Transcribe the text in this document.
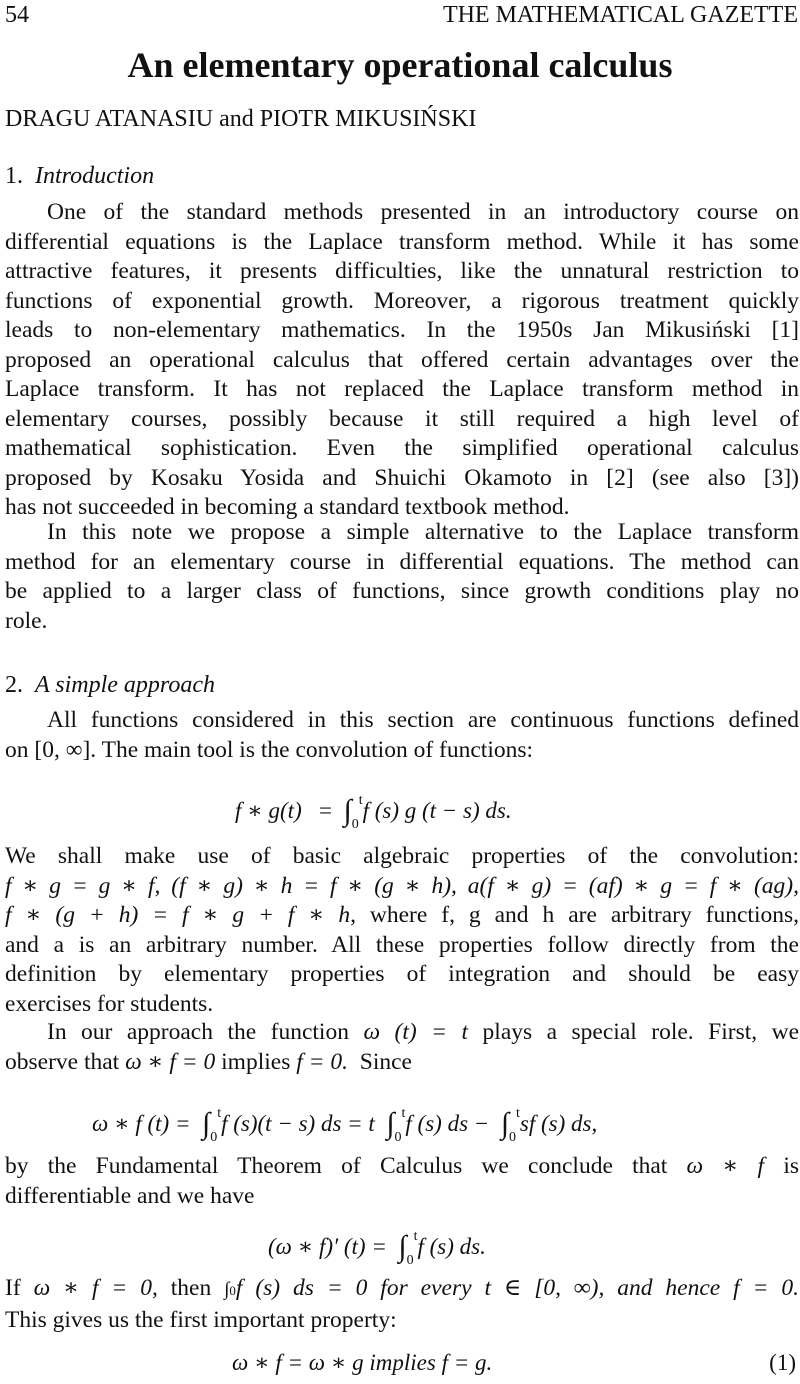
54	THE MATHEMATICAL GAZETTE
An elementary operational calculus
DRAGU ATANASIU and PIOTR MIKUSIŃSKI
1. Introduction
One of the standard methods presented in an introductory course on
differential equations is the Laplace transform method. While it has some
attractive features, it presents difficulties, like the unnatural restriction to
functions of exponential growth. Moreover, a rigorous treatment quickly
leads to non-elementary mathematics. In the 1950s Jan Mikusiński [1]
proposed an operational calculus that offered certain advantages over the
Laplace transform. It has not replaced the Laplace transform method in
elementary courses, possibly because it still required a high level of
mathematical sophistication. Even the simplified operational calculus
proposed by Kosaku Yosida and Shuichi Okamoto in [2] (see also [3])
has not succeeded in becoming a standard textbook method.
In this note we propose a simple alternative to the Laplace transform
method for an elementary course in differential equations. The method can
be applied to a larger class of functions, since growth conditions play no
role.
2. A simple approach
All functions considered in this section are continuous functions defined
on [0, ∞]. The main tool is the convolution of functions:
f ∗ $g(t) = \int_0^tf$ (s) g (t − s) ds.
We shall make use of basic algebraic properties of the convolution:
f ∗ g = g ∗ f, (f ∗ g) ∗ h = f ∗ (g ∗ h), a(f ∗ g) = (af) ∗ g = f ∗ (ag),
f ∗ (g + h) = f ∗ g + f ∗ h, where f, g and h are arbitrary functions,
and a is an arbitrary number. All these properties follow directly from the
definition by elementary properties of integration and should be easy
exercises for students.
In our approach the function ω (t) = t plays a special role. First, we
observe that ω ∗ f = 0 implies f = 0. Since
ω ∗ f $(t) = \int_0^tf$ (s)(t − s) ds = t $\int_0^tf$ (s) ds − $\int_0^tsf$ (s) ds,
by the Fundamental Theorem of Calculus we conclude that ω ∗ f is
differentiable and we have
(ω ∗ f)′ $(t) = \int_0^tf$ (s) ds.
If ω ∗ f = 0, then ∫0f (s) ds = 0 for every t ∈ [0, ∞), and hence f = 0.
This gives us the first important property:
ω ∗ f = ω ∗ g implies f = g.	(1)
